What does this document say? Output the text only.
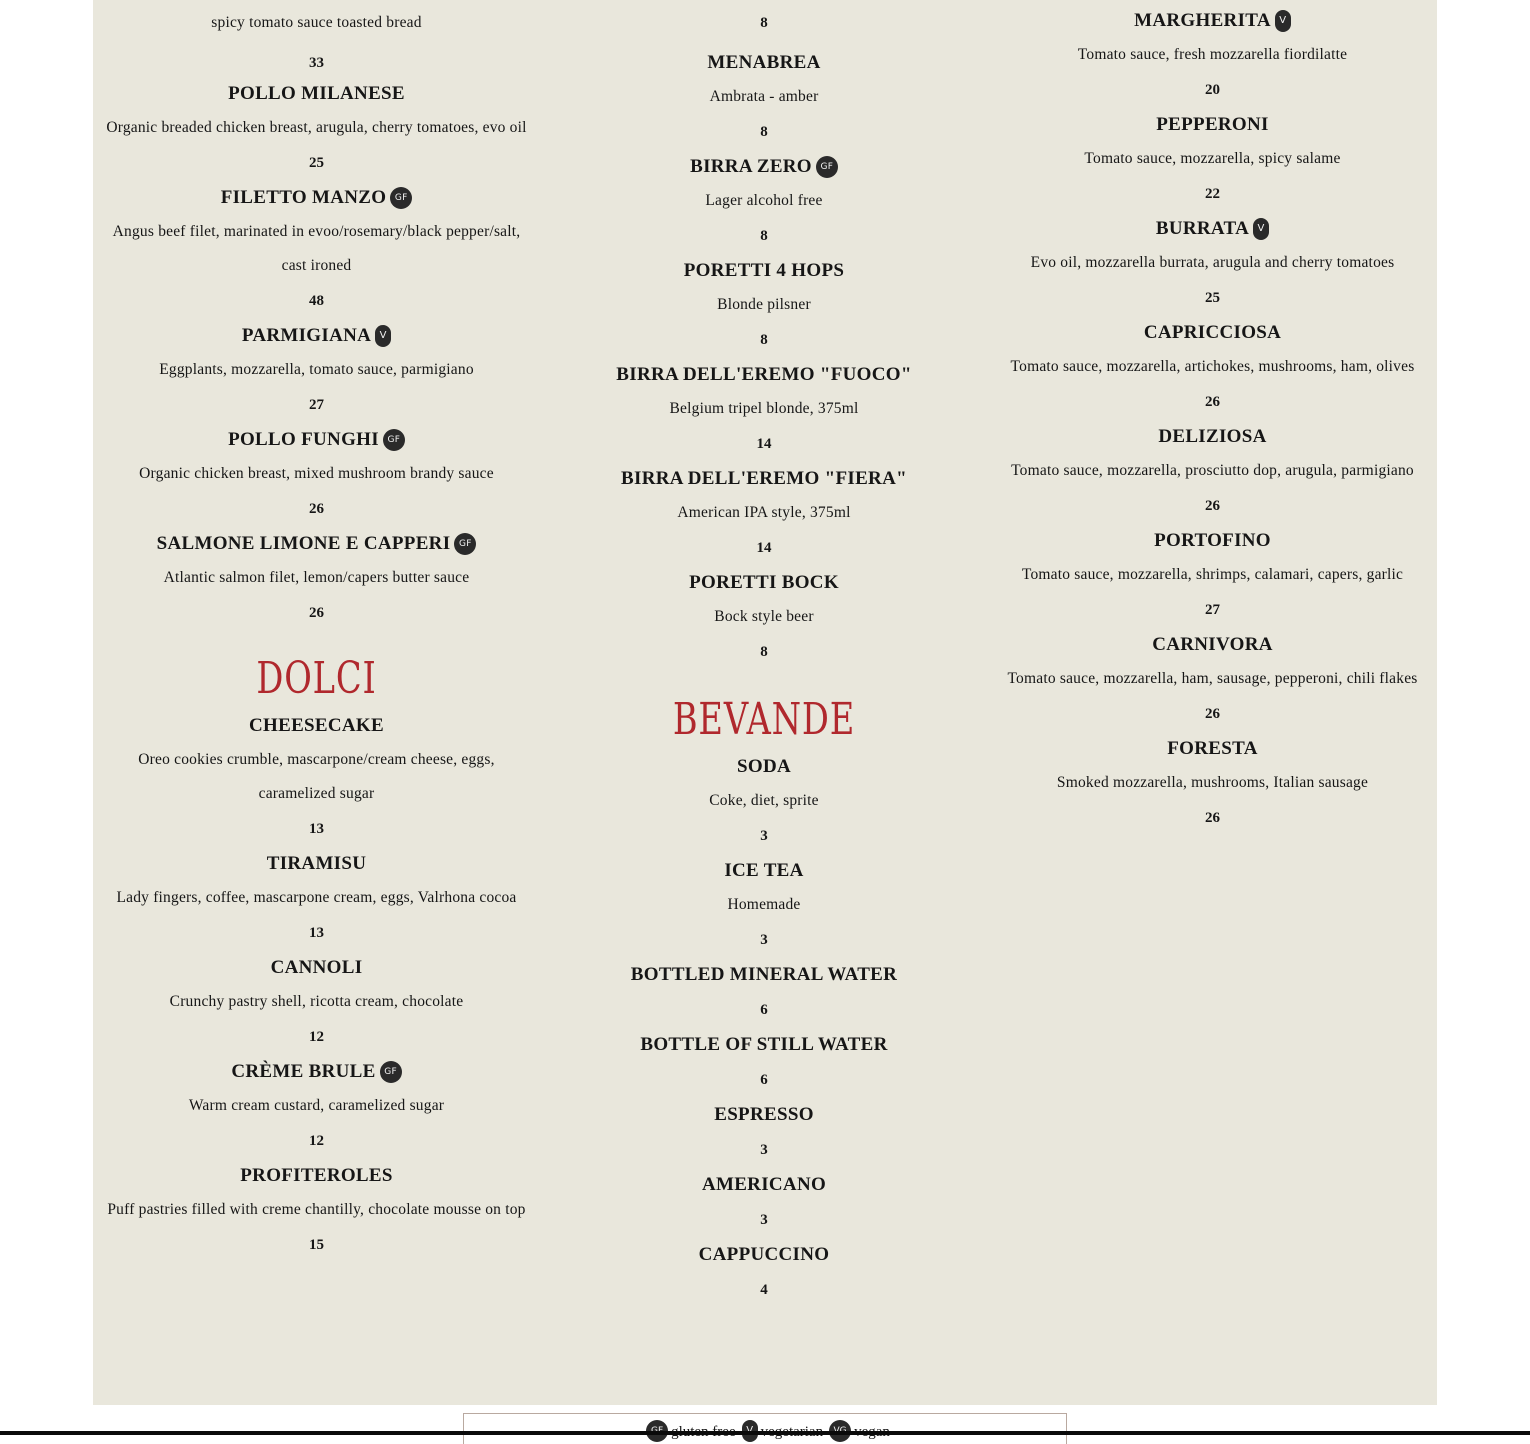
spicy tomato sauce toasted bread
33
POLLO MILANESE
Organic breaded chicken breast, arugula, cherry tomatoes, evo oil
25
FILETTO MANZO GF
Angus beef filet, marinated in evoo/rosemary/black pepper/salt,
cast ironed
48
PARMIGIANA V
Eggplants, mozzarella, tomato sauce, parmigiano
27
POLLO FUNGHI GF
Organic chicken breast, mixed mushroom brandy sauce
26
SALMONE LIMONE E CAPPERI GF
Atlantic salmon filet, lemon/capers butter sauce
26
DOLCI
CHEESECAKE
Oreo cookies crumble, mascarpone/cream cheese, eggs,
caramelized sugar
13
TIRAMISU
Lady fingers, coffee, mascarpone cream, eggs, Valrhona cocoa
13
CANNOLI
Crunchy pastry shell, ricotta cream, chocolate
12
CRÈME BRULE GF
Warm cream custard, caramelized sugar
12
PROFITEROLES
Puff pastries filled with creme chantilly, chocolate mousse on top
15
8
MENABREA
Ambrata - amber
8
BIRRA ZERO GF
Lager alcohol free
8
PORETTI 4 HOPS
Blonde pilsner
8
BIRRA DELL'EREMO "FUOCO"
Belgium tripel blonde, 375ml
14
BIRRA DELL'EREMO "FIERA"
American IPA style, 375ml
14
PORETTI BOCK
Bock style beer
8
BEVANDE
SODA
Coke, diet, sprite
3
ICE TEA
Homemade
3
BOTTLED MINERAL WATER
6
BOTTLE OF STILL WATER
6
ESPRESSO
3
AMERICANO
3
CAPPUCCINO
4
MARGHERITA V
Tomato sauce, fresh mozzarella fiordilatte
20
PEPPERONI
Tomato sauce, mozzarella, spicy salame
22
BURRATA V
Evo oil, mozzarella burrata, arugula and cherry tomatoes
25
CAPRICCIOSA
Tomato sauce, mozzarella, artichokes, mushrooms, ham, olives
26
DELIZIOSA
Tomato sauce, mozzarella, prosciutto dop, arugula, parmigiano
26
PORTOFINO
Tomato sauce, mozzarella, shrimps, calamari, capers, garlic
27
CARNIVORA
Tomato sauce, mozzarella, ham, sausage, pepperoni, chili flakes
26
FORESTA
Smoked mozzarella, mushrooms, Italian sausage
26
